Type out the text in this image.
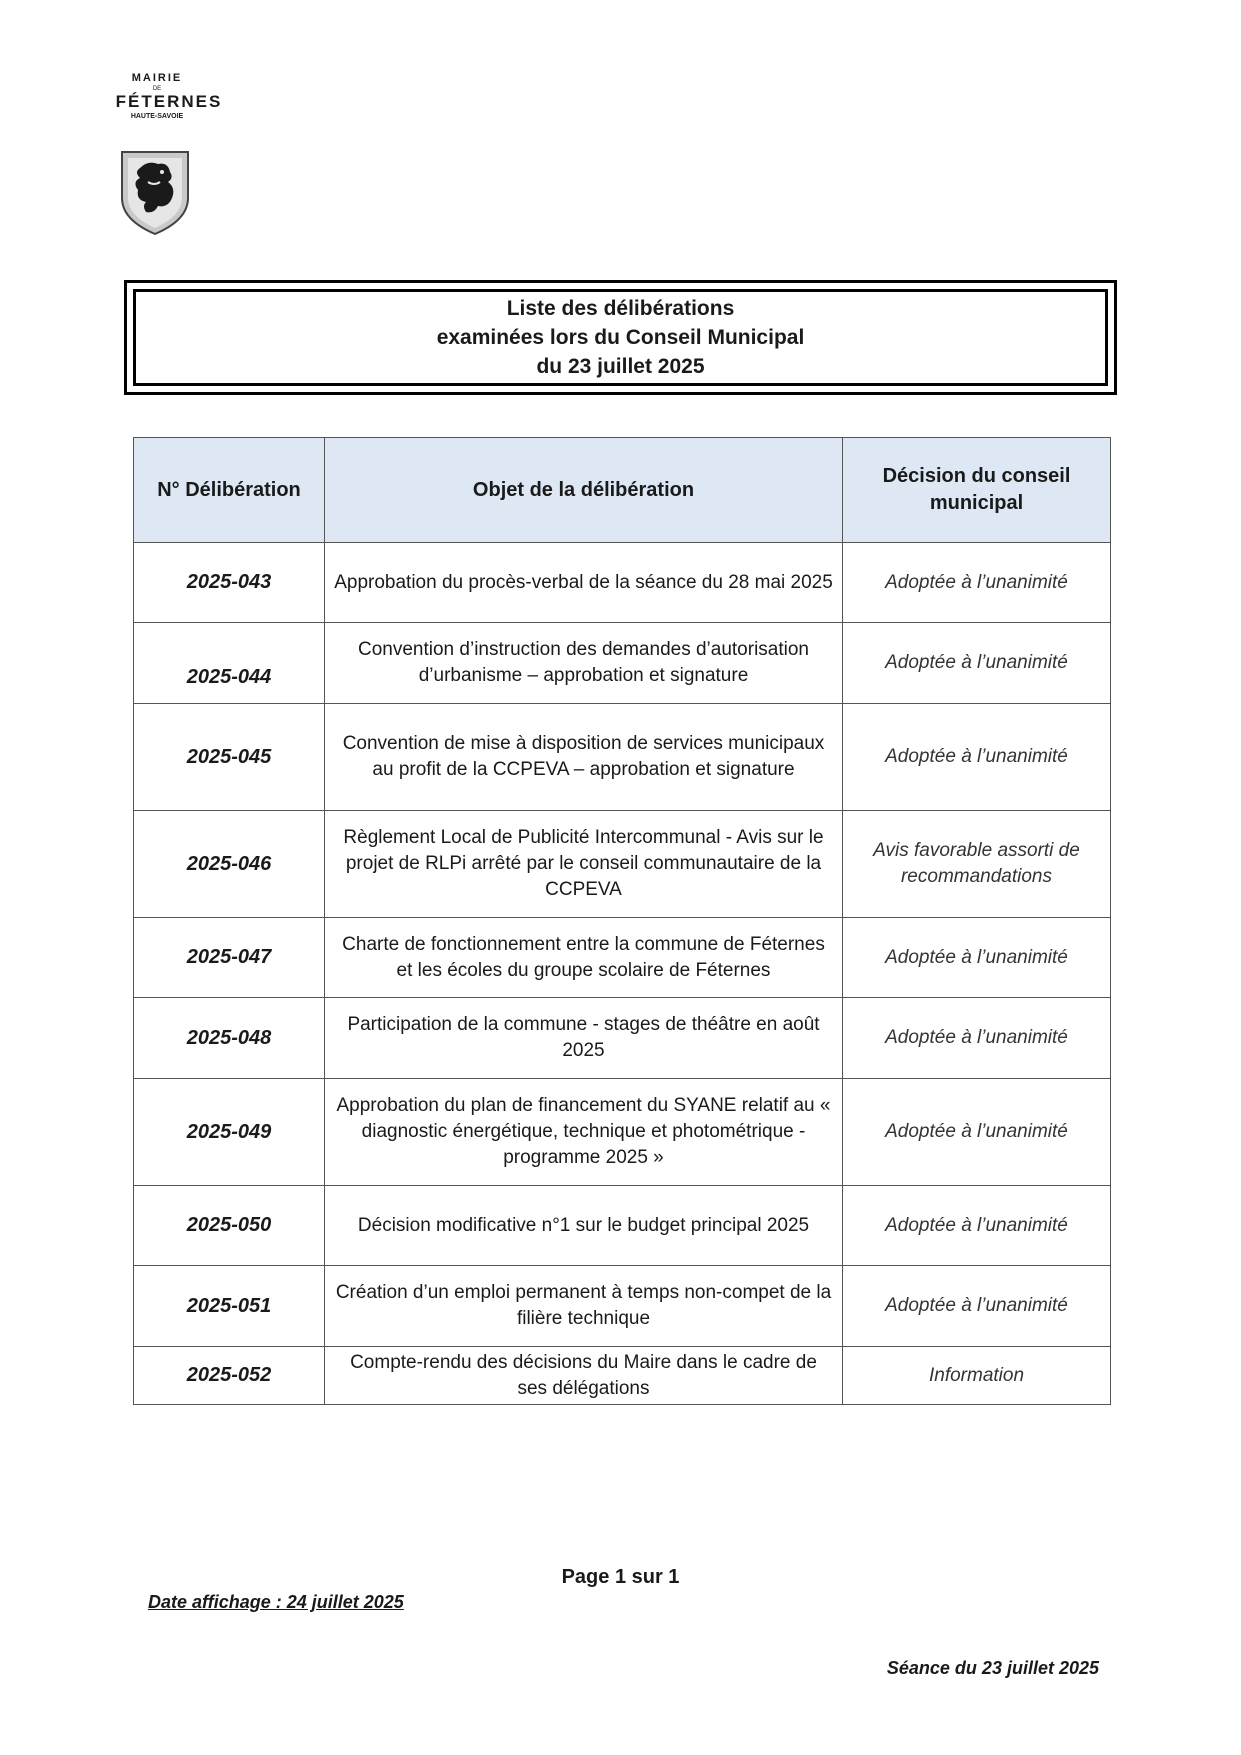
MAIRIE
DE
FÉTERNES
HAUTE-SAVOIE
Liste des délibérations
examinées lors du Conseil Municipal
du 23 juillet 2025
N° Délibération	Objet de la délibération	Décision du conseil municipal
2025-043	Approbation du procès-verbal de la séance du 28 mai 2025	Adoptée à l’unanimité
2025-044	Convention d’instruction des demandes d’autorisation d’urbanisme – approbation et signature	Adoptée à l’unanimité
2025-045	Convention de mise à disposition de services municipaux au profit de la CCPEVA – approbation et signature	Adoptée à l’unanimité
2025-046	Règlement Local de Publicité Intercommunal - Avis sur le projet de RLPi arrêté par le conseil communautaire de la CCPEVA	Avis favorable assorti de recommandations
2025-047	Charte de fonctionnement entre la commune de Féternes et les écoles du groupe scolaire de Féternes	Adoptée à l’unanimité
2025-048	Participation de la commune - stages de théâtre en août 2025	Adoptée à l’unanimité
2025-049	Approbation du plan de financement du SYANE relatif au « diagnostic énergétique, technique et photométrique - programme 2025 »	Adoptée à l’unanimité
2025-050	Décision modificative n°1 sur le budget principal 2025	Adoptée à l’unanimité
2025-051	Création d’un emploi permanent à temps non-compet de la filière technique	Adoptée à l’unanimité
2025-052	Compte-rendu des décisions du Maire dans le cadre de ses délégations	Information
Page 1 sur 1
Date affichage : 24 juillet 2025
Séance du 23 juillet 2025
